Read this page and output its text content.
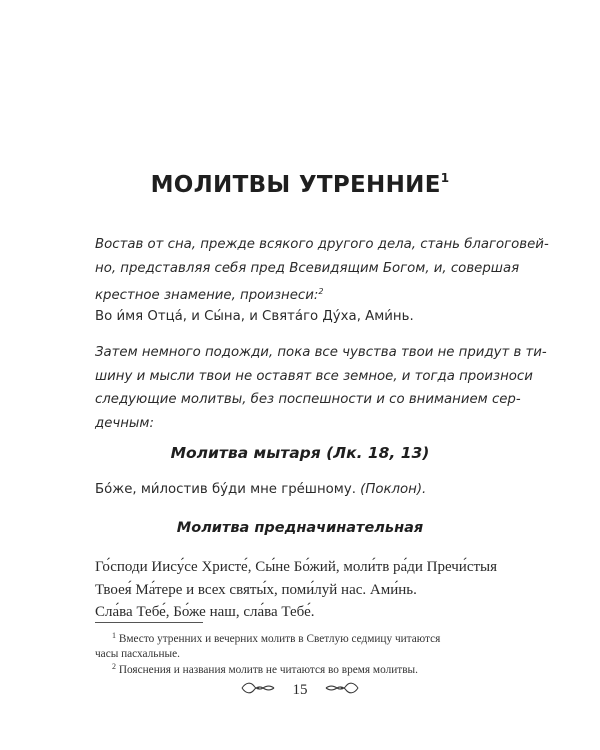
МОЛИТВЫ УТРЕННИЕ$^1$
Востав от сна, прежде всякого другого дела, стань благоговей-
но, представляя себя пред Всевидящим Богом, и, совершая
крестное знамение, произнеси:$^2$
Во и́мя Отца́, и Сы́на, и Свята́го Ду́ха, Ами́нь.
Затем немного подожди, пока все чувства твои не придут в ти-
шину и мысли твои не оставят все земное, и тогда произноси
следующие молитвы, без поспешности и со вниманием сер-
дечным:
Молитва мытаря (Лк. 18, 13)
Бо́же, ми́лостив бу́ди мне гре́шному. (Поклон).
Молитва предначинательная
Го́споди Иису́се Христе́, Сы́не Бо́жий, моли́тв ра́ди Пречи́стыя
Твоея́ Ма́тере и всех святы́х, поми́луй нас. Ами́нь.
Сла́ва Тебе́, Бо́же наш, сла́ва Тебе́.
$^1$ Вместо утренних и вечерних молитв в Светлую седмицу читаются
часы пасхальные.
$^2$ Пояснения и названия молитв не читаются во время молитвы.
15
